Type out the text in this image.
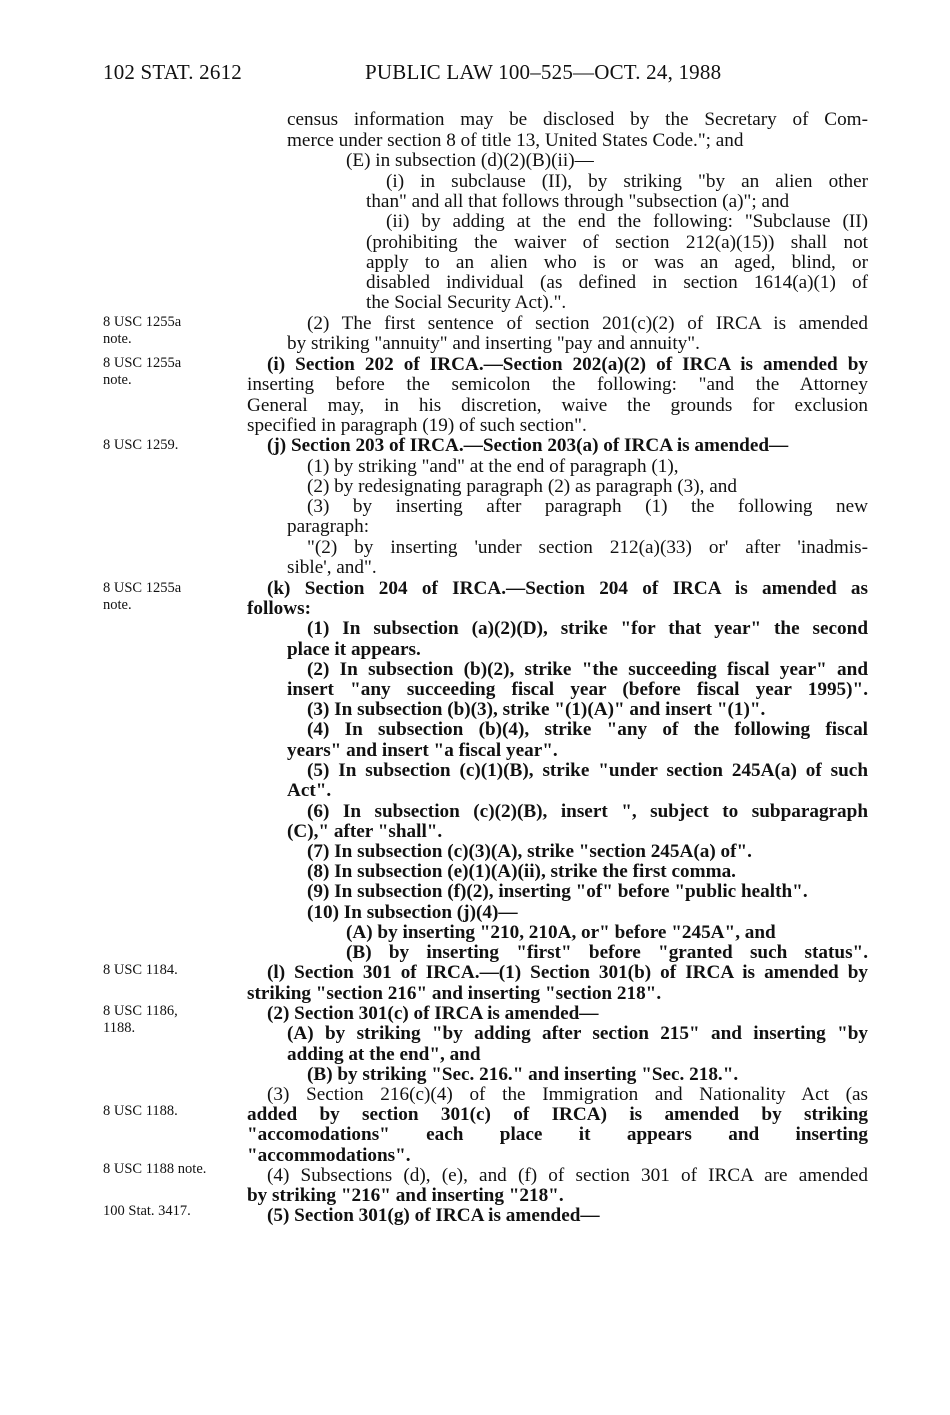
102 STAT. 2612	PUBLIC LAW 100–525—OCT. 24, 1988
8 USC 1255a
note.
8 USC 1255a
note.
8 USC 1259.
8 USC 1255a
note.
8 USC 1184.
8 USC 1186,
1188.
8 USC 1188.
8 USC 1188 note.
100 Stat. 3417.
census information may be disclosed by the Secretary of Com-
merce under section 8 of title 13, United States Code."; and
(E) in subsection (d)(2)(B)(ii)—
(i) in subclause (II), by striking "by an alien other
than" and all that follows through "subsection (a)"; and
(ii) by adding at the end the following: "Subclause (II)
(prohibiting the waiver of section 212(a)(15)) shall not
apply to an alien who is or was an aged, blind, or
disabled individual (as defined in section 1614(a)(1) of
the Social Security Act).".
(2) The first sentence of section 201(c)(2) of IRCA is amended
by striking "annuity" and inserting "pay and annuity".
(i) Section 202 of IRCA.—Section 202(a)(2) of IRCA is amended by
inserting before the semicolon the following: "and the Attorney
General may, in his discretion, waive the grounds for exclusion
specified in paragraph (19) of such section".
(j) Section 203 of IRCA.—Section 203(a) of IRCA is amended—
(1) by striking "and" at the end of paragraph (1),
(2) by redesignating paragraph (2) as paragraph (3), and
(3) by inserting after paragraph (1) the following new
paragraph:
"(2) by inserting 'under section 212(a)(33) or' after 'inadmis-
sible', and".
(k) Section 204 of IRCA.—Section 204 of IRCA is amended as
follows:
(1) In subsection (a)(2)(D), strike "for that year" the second
place it appears.
(2) In subsection (b)(2), strike "the succeeding fiscal year" and
insert "any succeeding fiscal year (before fiscal year 1995)".
(3) In subsection (b)(3), strike "(1)(A)" and insert "(1)".
(4) In subsection (b)(4), strike "any of the following fiscal
years" and insert "a fiscal year".
(5) In subsection (c)(1)(B), strike "under section 245A(a) of such
Act".
(6) In subsection (c)(2)(B), insert ", subject to subparagraph
(C)," after "shall".
(7) In subsection (c)(3)(A), strike "section 245A(a) of".
(8) In subsection (e)(1)(A)(ii), strike the first comma.
(9) In subsection (f)(2), inserting "of" before "public health".
(10) In subsection (j)(4)—
(A) by inserting "210, 210A, or" before "245A", and
(B) by inserting "first" before "granted such status".
(l) Section 301 of IRCA.—(1) Section 301(b) of IRCA is amended by
striking "section 216" and inserting "section 218".
(2) Section 301(c) of IRCA is amended—
(A) by striking "by adding after section 215" and inserting "by
adding at the end", and
(B) by striking "Sec. 216." and inserting "Sec. 218.".
(3) Section 216(c)(4) of the Immigration and Nationality Act (as
added by section 301(c) of IRCA) is amended by striking
"accomodations" each place it appears and inserting
"accommodations".
(4) Subsections (d), (e), and (f) of section 301 of IRCA are amended
by striking "216" and inserting "218".
(5) Section 301(g) of IRCA is amended—
